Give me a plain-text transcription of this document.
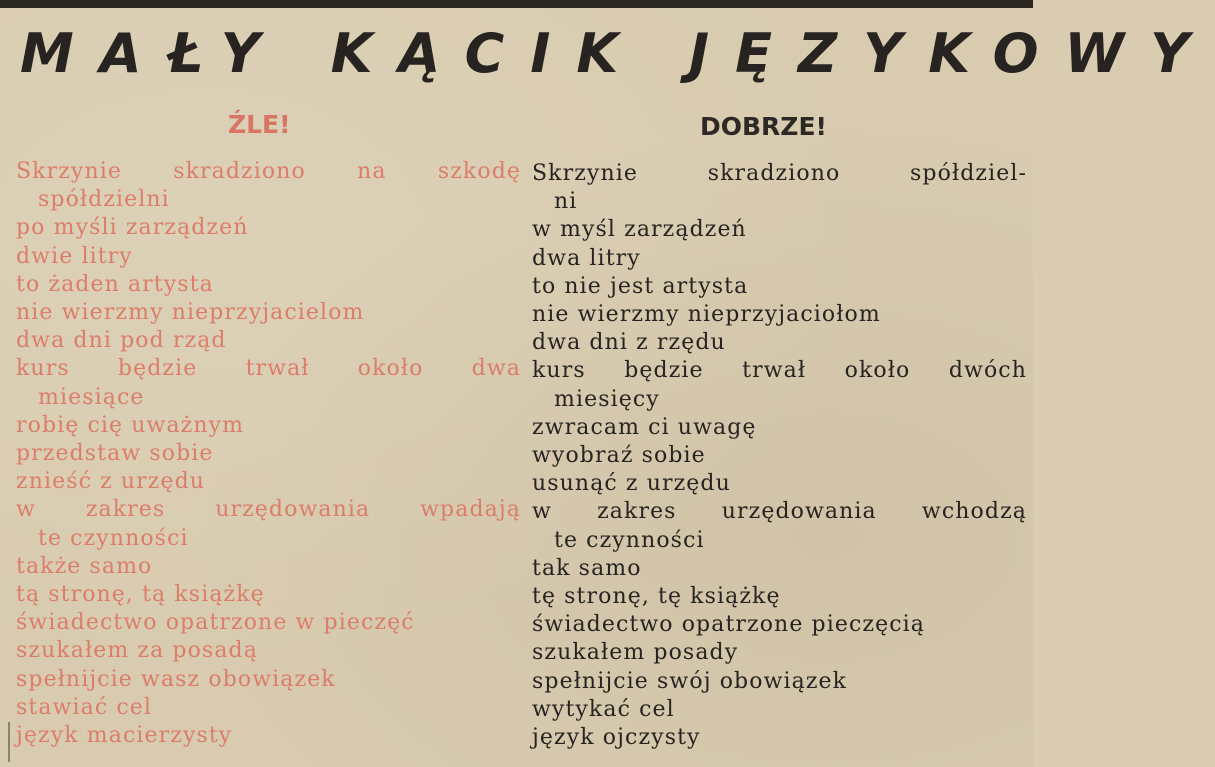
MAŁY KĄCIK JĘZYKOWY
ŹLE!	DOBRZE!
Skrzynie skradziono na szkodę
spółdzielni
po myśli zarządzeń
dwie litry
to żaden artysta
nie wierzmy nieprzyjacielom
dwa dni pod rząd
kurs będzie trwał około dwa
miesiące
robię cię uważnym
przedstaw sobie
znieść z urzędu
w zakres urzędowania wpadają
te czynności
także samo
tą stronę, tą książkę
świadectwo opatrzone w pieczęć
szukałem za posadą
spełnijcie wasz obowiązek
stawiać cel
język macierzysty
Skrzynie skradziono spółdziel-
ni
w myśl zarządzeń
dwa litry
to nie jest artysta
nie wierzmy nieprzyjaciołom
dwa dni z rzędu
kurs będzie trwał około dwóch
miesięcy
zwracam ci uwagę
wyobraź sobie
usunąć z urzędu
w zakres urzędowania wchodzą
te czynności
tak samo
tę stronę, tę książkę
świadectwo opatrzone pieczęcią
szukałem posady
spełnijcie swój obowiązek
wytykać cel
język ojczysty
